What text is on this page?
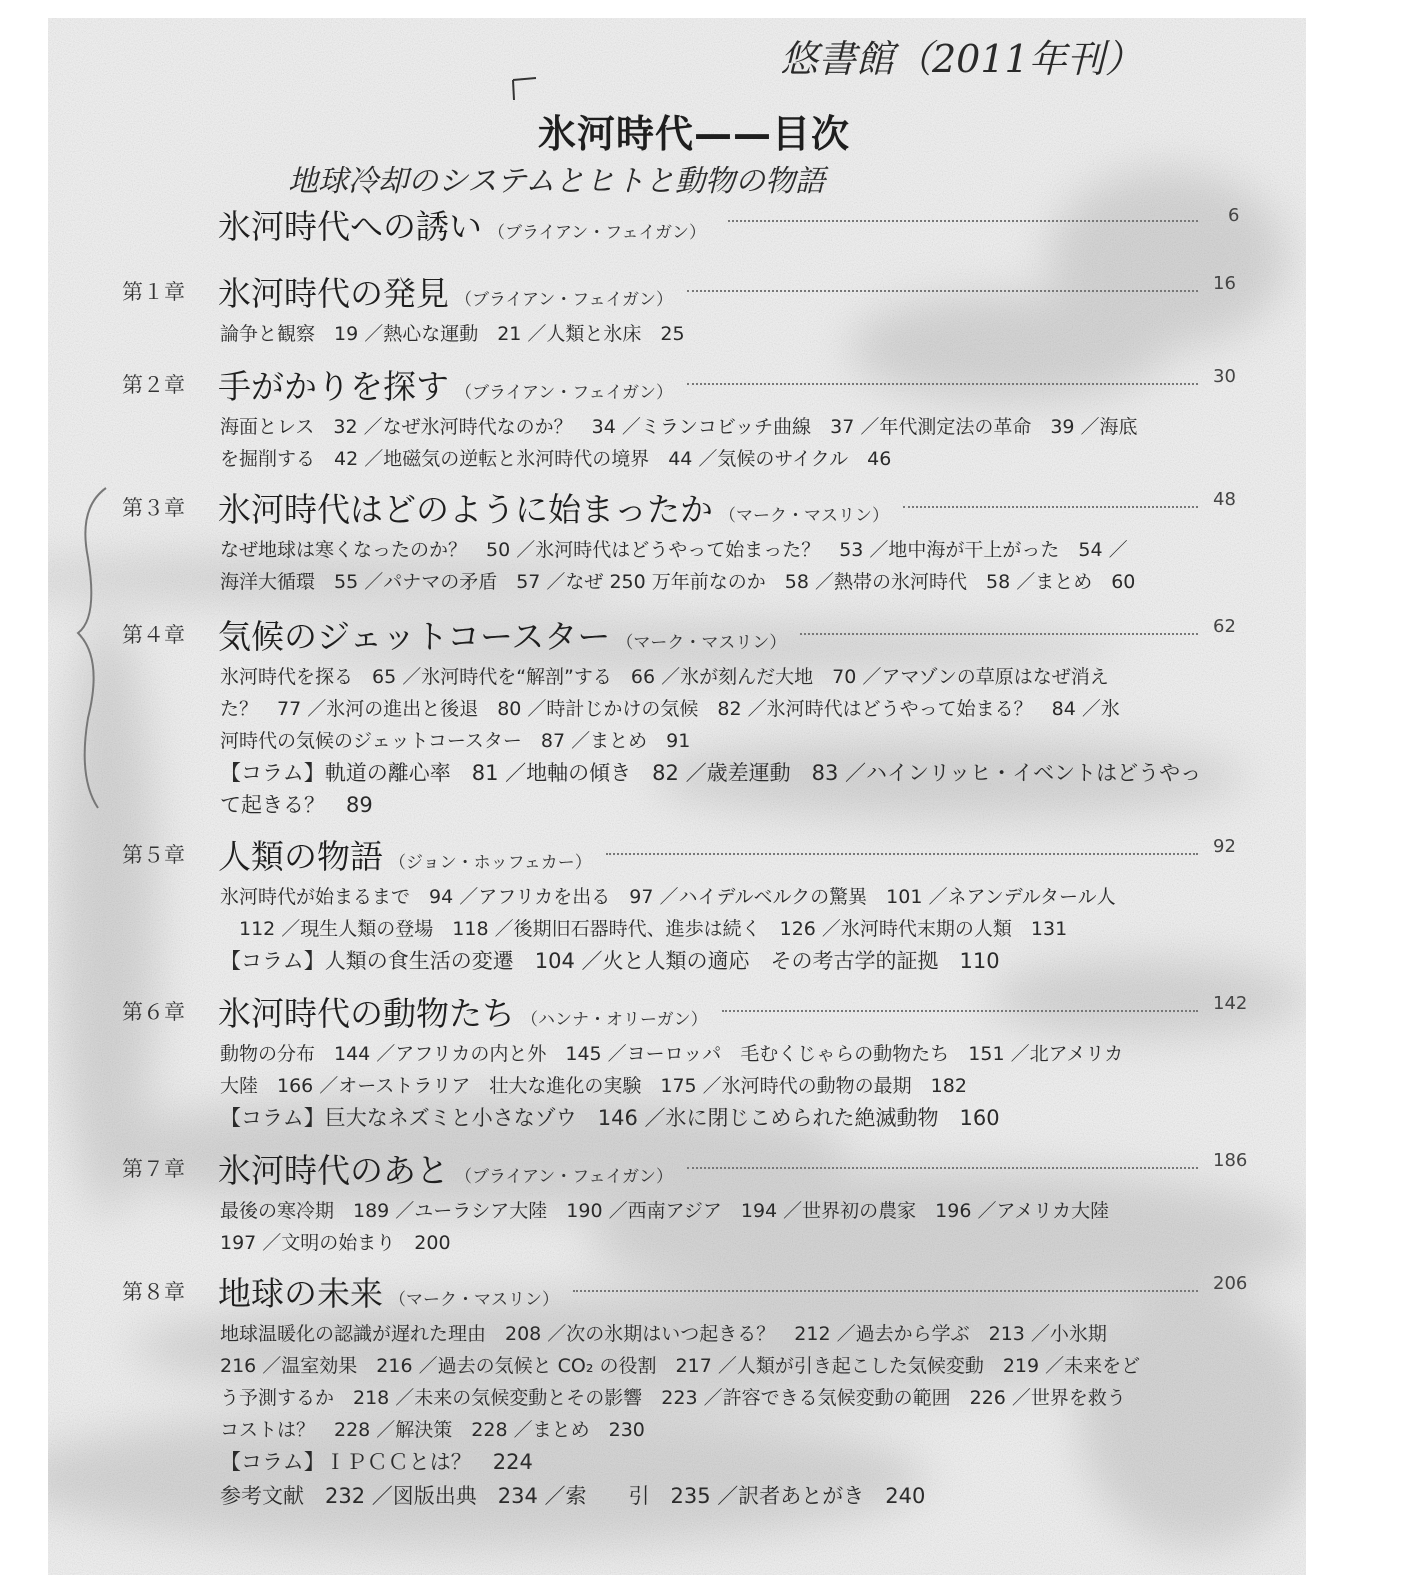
悠書館（2011年刊）
氷河時代——目次
地球冷却のシステムとヒトと動物の物語
氷河時代への誘い （ブライアン・フェイガン）
6
第１章 氷河時代の発見 （ブライアン・フェイガン）
16
論争と観察　19 ／熱心な運動　21 ／人類と氷床　25
第２章 手がかりを探す （ブライアン・フェイガン）
30
海面とレス　32 ／なぜ氷河時代なのか？　34 ／ミランコビッチ曲線　37 ／年代測定法の革命　39 ／海底
を掘削する　42 ／地磁気の逆転と氷河時代の境界　44 ／気候のサイクル　46
第３章 氷河時代はどのように始まったか （マーク・マスリン）
48
なぜ地球は寒くなったのか？　50 ／氷河時代はどうやって始まった？　53 ／地中海が干上がった　54 ／
海洋大循環　55 ／パナマの矛盾　57 ／なぜ 250 万年前なのか　58 ／熱帯の氷河時代　58 ／まとめ　60
第４章 気候のジェットコースター （マーク・マスリン）
62
氷河時代を探る　65 ／氷河時代を“解剖”する　66 ／氷が刻んだ大地　70 ／アマゾンの草原はなぜ消え
た？　77 ／氷河の進出と後退　80 ／時計じかけの気候　82 ／氷河時代はどうやって始まる？　84 ／氷
河時代の気候のジェットコースター　87 ／まとめ　91
【コラム】軌道の離心率　81 ／地軸の傾き　82 ／歳差運動　83 ／ハインリッヒ・イベントはどうやっ
て起きる？　89
第５章 人類の物語 （ジョン・ホッフェカー）
92
氷河時代が始まるまで　94 ／アフリカを出る　97 ／ハイデルベルクの驚異　101 ／ネアンデルタール人
　112 ／現生人類の登場　118 ／後期旧石器時代、進歩は続く　126 ／氷河時代末期の人類　131
【コラム】人類の食生活の変遷　104 ／火と人類の適応　その考古学的証拠　110
第６章 氷河時代の動物たち （ハンナ・オリーガン）
142
動物の分布　144 ／アフリカの内と外　145 ／ヨーロッパ　毛むくじゃらの動物たち　151 ／北アメリカ
大陸　166 ／オーストラリア　壮大な進化の実験　175 ／氷河時代の動物の最期　182
【コラム】巨大なネズミと小さなゾウ　146 ／氷に閉じこめられた絶滅動物　160
第７章 氷河時代のあと （ブライアン・フェイガン）
186
最後の寒冷期　189 ／ユーラシア大陸　190 ／西南アジア　194 ／世界初の農家　196 ／アメリカ大陸
197 ／文明の始まり　200
第８章 地球の未来 （マーク・マスリン）
206
地球温暖化の認識が遅れた理由　208 ／次の氷期はいつ起きる？　212 ／過去から学ぶ　213 ／小氷期
216 ／温室効果　216 ／過去の気候と CO₂ の役割　217 ／人類が引き起こした気候変動　219 ／未来をど
う予測するか　218 ／未来の気候変動とその影響　223 ／許容できる気候変動の範囲　226 ／世界を救う
コストは？　228 ／解決策　228 ／まとめ　230
【コラム】ＩＰＣＣとは？　224
参考文献　232 ／図版出典　234 ／索　　引　235 ／訳者あとがき　240
